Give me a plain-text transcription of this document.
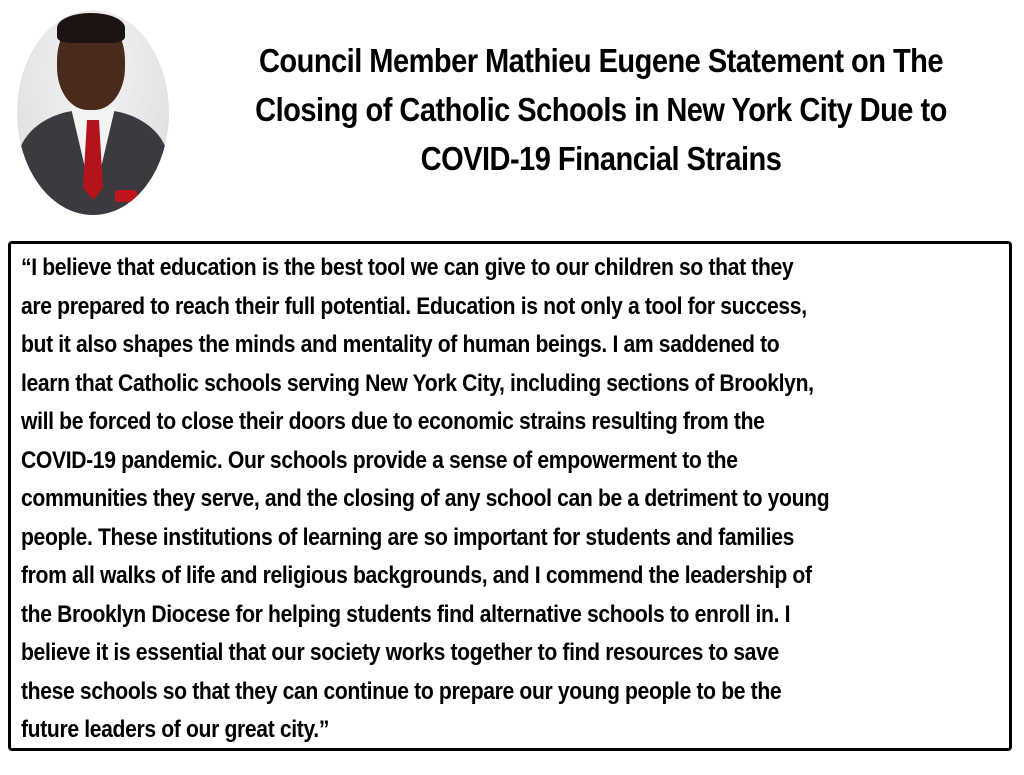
Council Member Mathieu Eugene Statement on The Closing of Catholic Schools in New York City Due to COVID-19 Financial Strains

“I believe that education is the best tool we can give to our children so that they
are prepared to reach their full potential. Education is not only a tool for success,
but it also shapes the minds and mentality of human beings. I am saddened to
learn that Catholic schools serving New York City, including sections of Brooklyn,
will be forced to close their doors due to economic strains resulting from the
COVID-19 pandemic. Our schools provide a sense of empowerment to the
communities they serve, and the closing of any school can be a detriment to young
people. These institutions of learning are so important for students and families
from all walks of life and religious backgrounds, and I commend the leadership of
the Brooklyn Diocese for helping students find alternative schools to enroll in. I
believe it is essential that our society works together to find resources to save
these schools so that they can continue to prepare our young people to be the
future leaders of our great city.”
